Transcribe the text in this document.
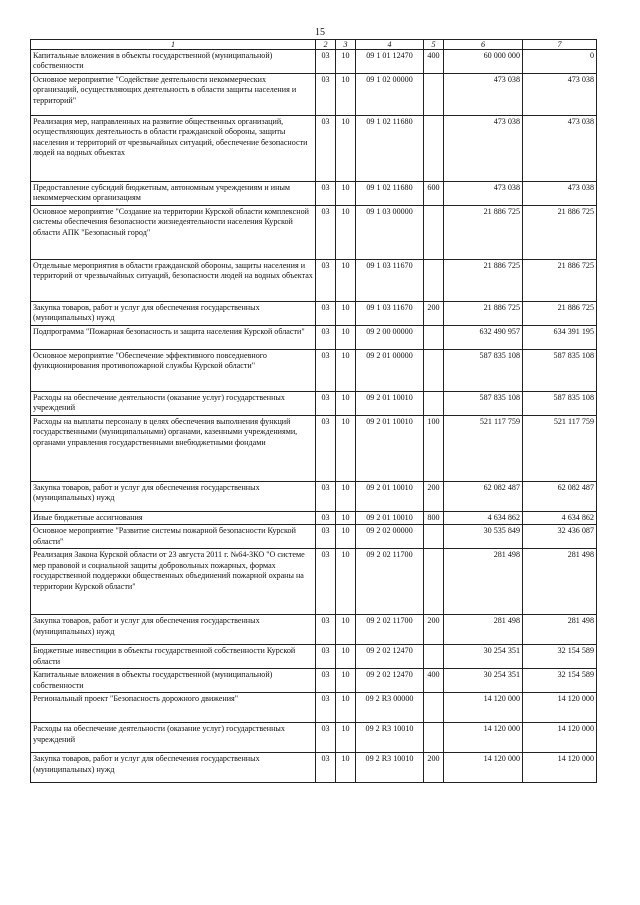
15
1	2	3	4	5	6	7
Капитальные вложения в объекты государственной (муниципальной) собственности	03	10	09 1 01 12470	400	60 000 000	0
Основное мероприятие "Содействие деятельности некоммерческих организаций, осуществляющих деятельность в области защиты населения и территорий"	03	10	09 1 02 00000		473 038	473 038
Реализация мер, направленных на развитие общественных организаций, осуществляющих деятельность в области гражданской обороны, защиты населения и территорий от чрезвычайных ситуаций, обеспечение безопасности людей на водных объектах	03	10	09 1 02 11680		473 038	473 038
Предоставление субсидий бюджетным, автономным учреждениям и иным некоммерческим организациям	03	10	09 1 02 11680	600	473 038	473 038
Основное мероприятие "Создание на территории Курской области комплексной системы обеспечения безопасности жизнедеятельности населения Курской области АПК "Безопасный город"	03	10	09 1 03 00000		21 886 725	21 886 725
Отдельные мероприятия в области гражданской обороны, защиты населения и территорий от чрезвычайных ситуаций, безопасности людей на водных объектах	03	10	09 1 03 11670		21 886 725	21 886 725
Закупка товаров, работ и услуг для обеспечения государственных (муниципальных) нужд	03	10	09 1 03 11670	200	21 886 725	21 886 725
Подпрограмма "Пожарная безопасность и защита населения Курской области"	03	10	09 2 00 00000		632 490 957	634 391 195
Основное мероприятие "Обеспечение эффективного повседневного функционирования противопожарной службы Курской области"	03	10	09 2 01 00000		587 835 108	587 835 108
Расходы на обеспечение деятельности (оказание услуг) государственных учреждений	03	10	09 2 01 10010		587 835 108	587 835 108
Расходы на выплаты персоналу в целях обеспечения выполнения функций государственными (муниципальными) органами, казенными учреждениями, органами управления государственными внебюджетными фондами	03	10	09 2 01 10010	100	521 117 759	521 117 759
Закупка товаров, работ и услуг для обеспечения государственных (муниципальных) нужд	03	10	09 2 01 10010	200	62 082 487	62 082 487
Иные бюджетные ассигнования	03	10	09 2 01 10010	800	4 634 862	4 634 862
Основное мероприятие "Развитие системы пожарной безопасности Курской области"	03	10	09 2 02 00000		30 535 849	32 436 087
Реализация Закона Курской области от 23 августа 2011 г. №64-ЗКО "О системе мер правовой и социальной защиты добровольных пожарных, формах государственной поддержки общественных объединений пожарной охраны на территории Курской области"	03	10	09 2 02 11700		281 498	281 498
Закупка товаров, работ и услуг для обеспечения государственных (муниципальных) нужд	03	10	09 2 02 11700	200	281 498	281 498
Бюджетные инвестиции в объекты государственной собственности Курской области	03	10	09 2 02 12470		30 254 351	32 154 589
Капитальные вложения в объекты государственной (муниципальной) собственности	03	10	09 2 02 12470	400	30 254 351	32 154 589
Региональный проект "Безопасность дорожного движения"	03	10	09 2 R3 00000		14 120 000	14 120 000
Расходы на обеспечение деятельности (оказание услуг) государственных учреждений	03	10	09 2 R3 10010		14 120 000	14 120 000
Закупка товаров, работ и услуг для обеспечения государственных (муниципальных) нужд	03	10	09 2 R3 10010	200	14 120 000	14 120 000
